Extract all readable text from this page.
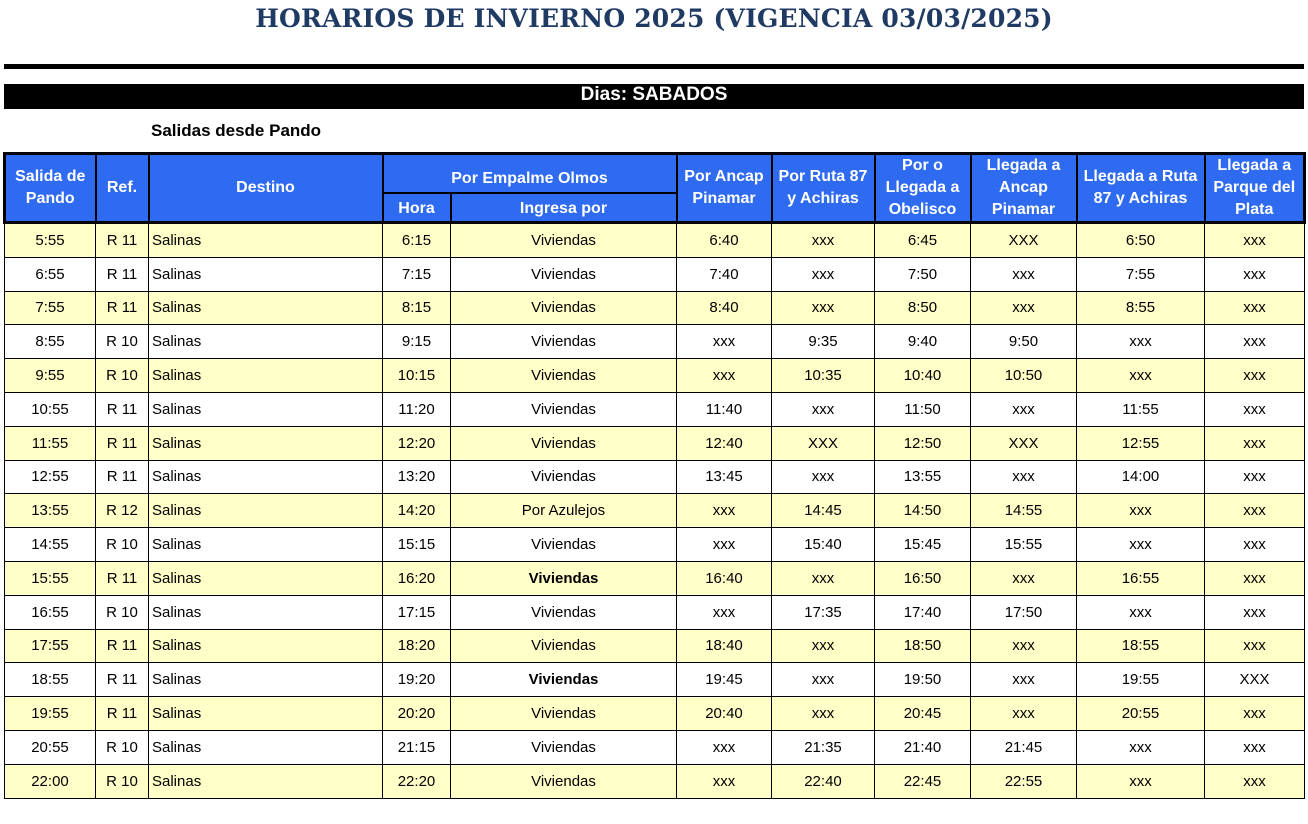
HORARIOS DE INVIERNO 2025 (VIGENCIA 03/03/2025)
Dias: SABADOS
Salidas desde Pando
Salida de Pando	Ref.	Destino	Por Empalme Olmos		Por Ancap Pinamar	Por Ruta 87 y Achiras	Por o Llegada a Obelisco	Llegada a Ancap Pinamar	Llegada a Ruta 87 y Achiras	Llegada a Parque del Plata
			Hora	Ingresa por						
5:55	R 11	Salinas	6:15	Viviendas	6:40	xxx	6:45	XXX	6:50	xxx
6:55	R 11	Salinas	7:15	Viviendas	7:40	xxx	7:50	xxx	7:55	xxx
7:55	R 11	Salinas	8:15	Viviendas	8:40	xxx	8:50	xxx	8:55	xxx
8:55	R 10	Salinas	9:15	Viviendas	xxx	9:35	9:40	9:50	xxx	xxx
9:55	R 10	Salinas	10:15	Viviendas	xxx	10:35	10:40	10:50	xxx	xxx
10:55	R 11	Salinas	11:20	Viviendas	11:40	xxx	11:50	xxx	11:55	xxx
11:55	R 11	Salinas	12:20	Viviendas	12:40	XXX	12:50	XXX	12:55	xxx
12:55	R 11	Salinas	13:20	Viviendas	13:45	xxx	13:55	xxx	14:00	xxx
13:55	R 12	Salinas	14:20	Por Azulejos	xxx	14:45	14:50	14:55	xxx	xxx
14:55	R 10	Salinas	15:15	Viviendas	xxx	15:40	15:45	15:55	xxx	xxx
15:55	R 11	Salinas	16:20	Viviendas	16:40	xxx	16:50	xxx	16:55	xxx
16:55	R 10	Salinas	17:15	Viviendas	xxx	17:35	17:40	17:50	xxx	xxx
17:55	R 11	Salinas	18:20	Viviendas	18:40	xxx	18:50	xxx	18:55	xxx
18:55	R 11	Salinas	19:20	Viviendas	19:45	xxx	19:50	xxx	19:55	XXX
19:55	R 11	Salinas	20:20	Viviendas	20:40	xxx	20:45	xxx	20:55	xxx
20:55	R 10	Salinas	21:15	Viviendas	xxx	21:35	21:40	21:45	xxx	xxx
22:00	R 10	Salinas	22:20	Viviendas	xxx	22:40	22:45	22:55	xxx	xxx
